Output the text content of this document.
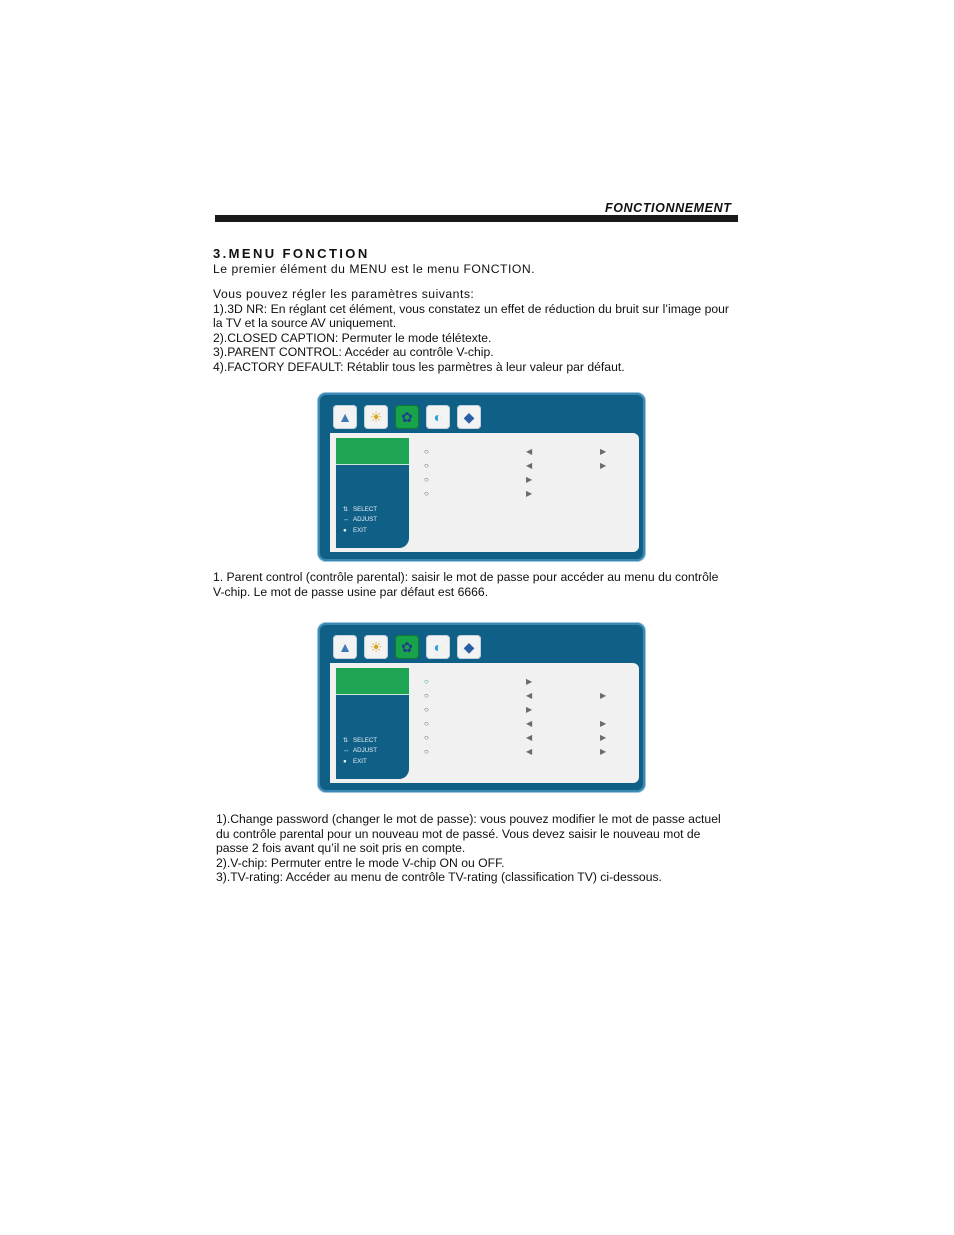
FONCTIONNEMENT
3.MENU FONCTION
Le premier élément du MENU est le menu FONCTION.
Vous pouvez régler les paramètres suivants:
1).3D NR: En réglant cet élément, vous constatez un effet de réduction du bruit sur l’image pour
la TV et la source AV uniquement.
2).CLOSED CAPTION: Permuter le mode télétexte.
3).PARENT CONTROL: Accéder au contrôle V-chip.
4).FACTORY DEFAULT: Rétablir tous les parmètres à leur valeur par défaut.
▲	☀	✿	◐	◆
⇅ SELECT
↔ ADJUST
● EXIT
○	◀	▶
○	◀	▶
○	▶
○	▶
1. Parent control (contrôle parental): saisir le mot de passe pour accéder au menu du contrôle
V-chip. Le mot de passe usine par défaut est 6666.
▲	☀	✿	◐	◆
⇅ SELECT
↔ ADJUST
● EXIT
○	▶
○	◀	▶
○	▶
○	◀	▶
○	◀	▶
○	◀	▶
1).Change password (changer le mot de passe): vous pouvez modifier le mot de passe actuel
du contrôle parental pour un nouveau mot de passé. Vous devez saisir le nouveau mot de
passe 2 fois avant qu’il ne soit pris en compte.
2).V-chip: Permuter entre le mode V-chip ON ou OFF.
3).TV-rating: Accéder au menu de contrôle TV-rating (classification TV) ci-dessous.
